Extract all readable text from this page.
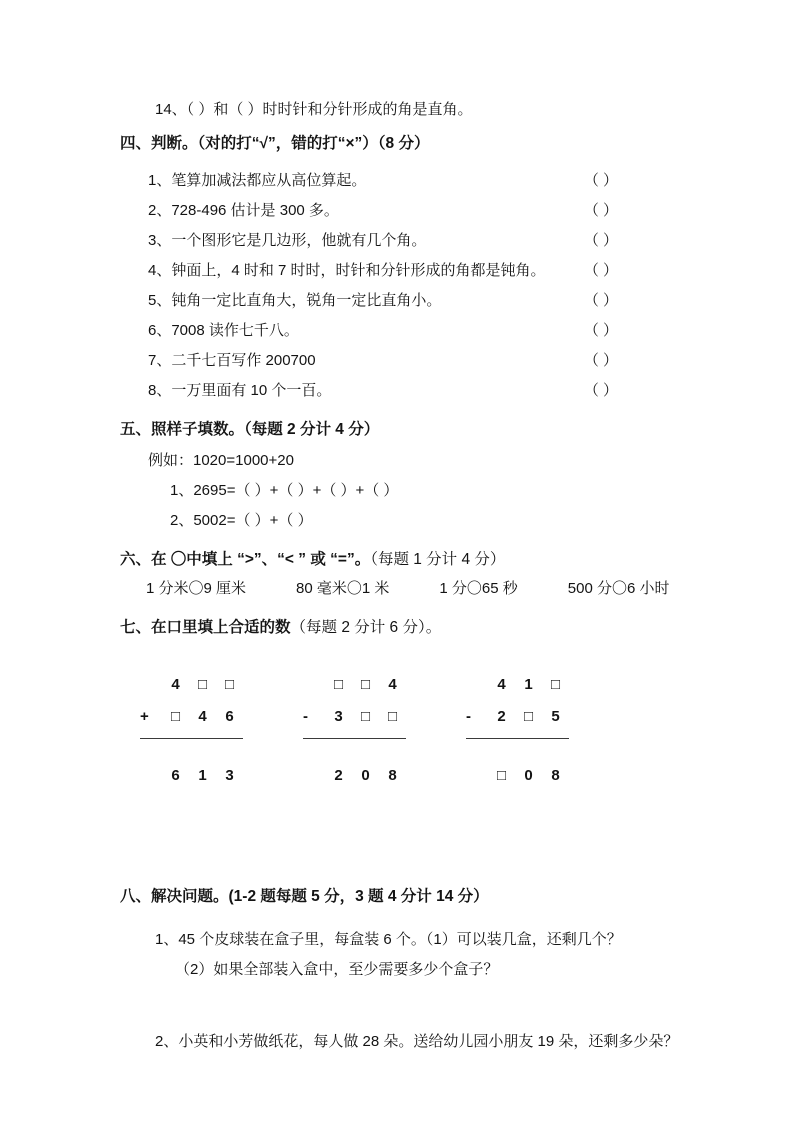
14、（ ）和（ ）时时针和分针形成的角是直角。
四、判断。（对的打“√”，错的打“×”）（8 分）
1、笔算加减法都应从高位算起。	（ ）
2、728-496 估计是 300 多。	（ ）
3、一个图形它是几边形，他就有几个角。	（ ）
4、钟面上，4 时和 7 时时，时针和分针形成的角都是钝角。	（ ）
5、钝角一定比直角大，锐角一定比直角小。	（ ）
6、7008 读作七千八。	（ ）
7、二千七百写作 200700	（ ）
8、一万里面有 10 个一百。	（ ）
五、照样子填数。（每题 2 分计 4 分）
例如：1020=1000+20
1、2695=（ ）+（ ）+（ ）+（ ）
2、5002=（ ）+（ ）
六、在 〇中填上 “>”、“< ” 或 “=”。（每题 1 分计 4 分）
1 分米〇9 厘米	80 毫米〇1 米	1 分〇65 秒	500 分〇6 小时
七、在口里填上合适的数（每题 2 分计 6 分）。
4	□	□
+	□	4	6
6	1	3
□	□	4
-	3	□	□
2	0	8
4	1	□
-	2	□	5
□	0	8
八、解决问题。(1-2 题每题 5 分，3 题 4 分计 14 分）
1、45 个皮球装在盒子里，每盒装 6 个。（1）可以装几盒，还剩几个？
（2）如果全部装入盒中，至少需要多少个盒子？
2、小英和小芳做纸花，每人做 28 朵。送给幼儿园小朋友 19 朵，还剩多少朵？
